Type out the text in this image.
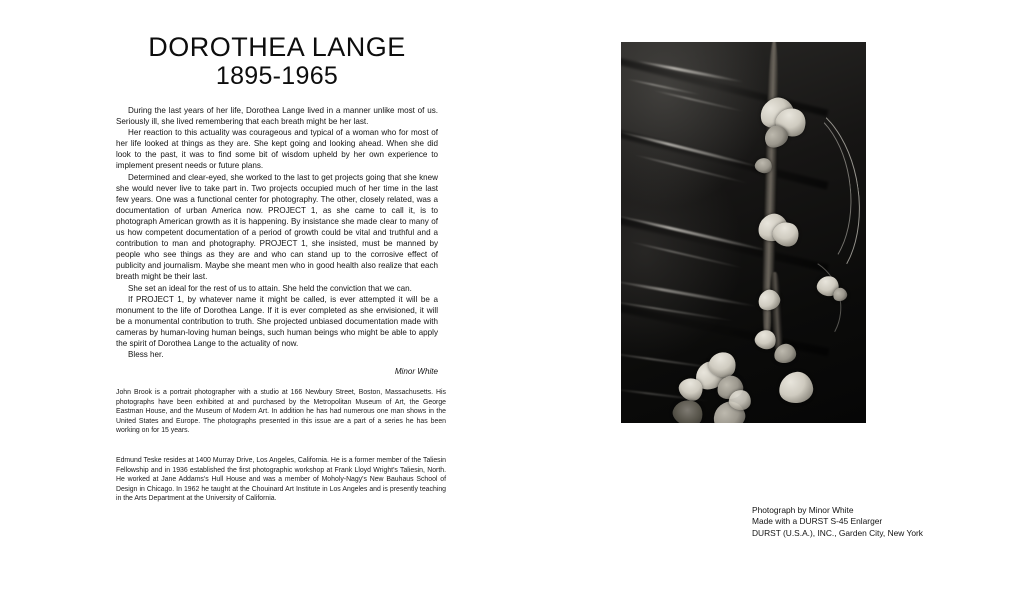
DOROTHEA LANGE
1895-1965

During the last years of her life, Dorothea Lange lived in a manner unlike most of us. Seriously ill, she lived remembering that each breath might be her last.

Her reaction to this actuality was courageous and typical of a woman who for most of her life looked at things as they are. She kept going and looking ahead. When she did look to the past, it was to find some bit of wisdom upheld by her own experience to implement present needs or future plans.

Determined and clear-eyed, she worked to the last to get projects going that she knew she would never live to take part in. Two projects occupied much of her time in the last few years. One was a functional center for photography. The other, closely related, was a documentation of urban America now. PROJECT 1, as she came to call it, is to photograph American growth as it is happening. By insistance she made clear to many of us how competent documentation of a period of growth could be vital and truthful and a contribution to man and photography. PROJECT 1, she insisted, must be manned by people who see things as they are and who can stand up to the corrosive effect of publicity and journalism. Maybe she meant men who in good health also realize that each breath might be their last.

She set an ideal for the rest of us to attain. She held the conviction that we can.

If PROJECT 1, by whatever name it might be called, is ever attempted it will be a monument to the life of Dorothea Lange. If it is ever completed as she envisioned, it will be a monumental contribution to truth. She projected unbiased documentation made with cameras by human-loving human beings, such human beings who might be able to apply the spirit of Dorothea Lange to the actuality of now.

Bless her.

Minor White

John Brook is a portrait photographer with a studio at 166 Newbury Street, Boston, Massachusetts. His photographs have been exhibited at and purchased by the Metropolitan Museum of Art, the George Eastman House, and the Museum of Modern Art. In addition he has had numerous one man shows in the United States and Europe. The photographs presented in this issue are a part of a series he has been working on for 15 years.

Edmund Teske resides at 1400 Murray Drive, Los Angeles, California. He is a former member of the Taliesin Fellowship and in 1936 established the first photographic workshop at Frank Lloyd Wright's Taliesin, North. He worked at Jane Addams's Hull House and was a member of Moholy-Nagy's New Bauhaus School of Design in Chicago. In 1962 he taught at the Chouinard Art Institute in Los Angeles and is presently teaching in the Arts Department at the University of California.

Photograph by Minor White
Made with a DURST S-45 Enlarger
DURST (U.S.A.), INC., Garden City, New York
